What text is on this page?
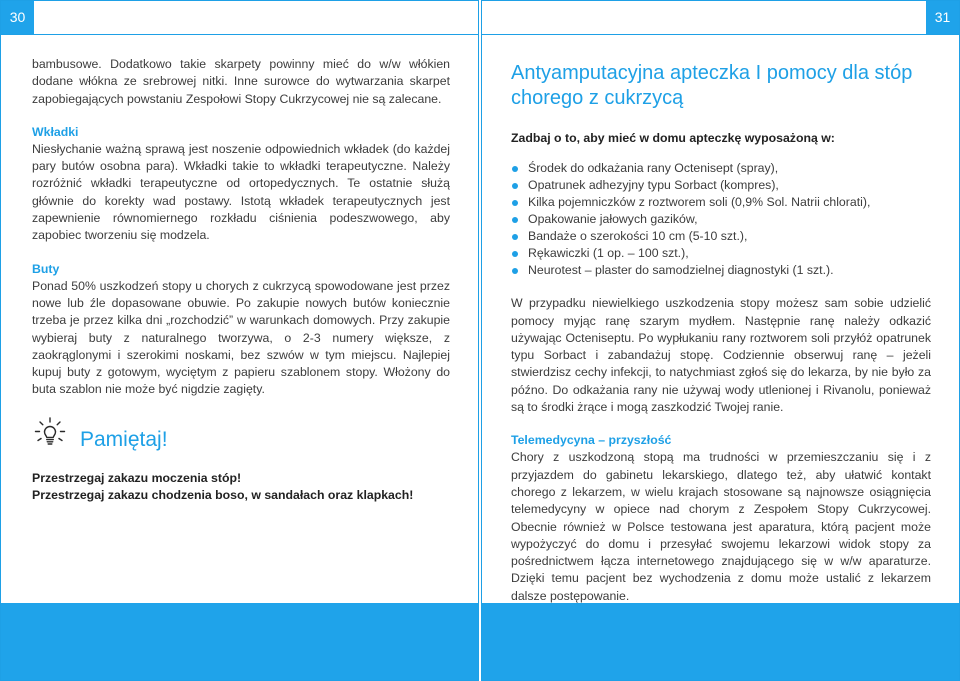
30

bambusowe. Dodatkowo takie skarpety powinny mieć do w/w włókien dodane włókna ze srebrowej nitki. Inne surowce do wytwarzania skarpet zapobiegających powstaniu Zespołowi Stopy Cukrzycowej nie są zalecane.

Wkładki

Niesłychanie ważną sprawą jest noszenie odpowiednich wkładek (do każdej pary butów osobna para). Wkładki takie to wkładki terapeutyczne. Należy rozróżnić wkładki terapeutyczne od ortopedycznych. Te ostatnie służą głównie do korekty wad postawy. Istotą wkładek terapeutycznych jest zapewnienie równomiernego rozkładu ciśnienia podeszwowego, aby zapobiec tworzeniu się modzela.

Buty

Ponad 50% uszkodzeń stopy u chorych z cukrzycą spowodowane jest przez nowe lub źle dopasowane obuwie. Po zakupie nowych butów koniecznie trzeba je przez kilka dni „rozchodzić” w warunkach domowych. Przy zakupie wybieraj buty z naturalnego tworzywa, o 2-3 numery większe, z zaokrąglonymi i szerokimi noskami, bez szwów w tym miejscu. Najlepiej kupuj buty z gotowym, wyciętym z papieru szablonem stopy. Włożony do buta szablon nie może być nigdzie zagięty.

Pamiętaj!
Przestrzegaj zakazu moczenia stóp!
Przestrzegaj zakazu chodzenia boso, w sandałach oraz klapkach!
31
Antyamputacyjna apteczka I pomocy dla stóp chorego z cukrzycą

Zadbaj o to, aby mieć w domu apteczkę wyposażoną w:

Środek do odkażania rany Octenisept (spray),
Opatrunek adhezyjny typu Sorbact (kompres),
Kilka pojemniczków z roztworem soli (0,9% Sol. Natrii chlorati),
Opakowanie jałowych gazików,
Bandaże o szerokości 10 cm (5-10 szt.),
Rękawiczki (1 op. – 100 szt.),
Neurotest – plaster do samodzielnej diagnostyki (1 szt.).

W przypadku niewielkiego uszkodzenia stopy możesz sam sobie udzielić pomocy myjąc ranę szarym mydłem. Następnie ranę należy odkazić używając Octeniseptu. Po wypłukaniu rany roztworem soli przyłóż opatrunek typu Sorbact i zabandażuj stopę. Codziennie obserwuj ranę – jeżeli stwierdzisz cechy infekcji, to natychmiast zgłoś się do lekarza, by nie było za późno. Do odkażania rany nie używaj wody utlenionej i Rivanolu, ponieważ są to środki żrące i mogą zaszkodzić Twojej ranie.

Telemedycyna – przyszłość

Chory z uszkodzoną stopą ma trudności w przemieszczaniu się i z przyjazdem do gabinetu lekarskiego, dlatego też, aby ułatwić kontakt chorego z lekarzem, w wielu krajach stosowane są najnowsze osiągnięcia telemedycyny w opiece nad chorym z Zespołem Stopy Cukrzycowej. Obecnie również w Polsce testowana jest aparatura, którą pacjent może wypożyczyć do domu i przesyłać swojemu lekarzowi widok stopy za pośrednictwem łącza internetowego znajdującego się w w/w aparaturze. Dzięki temu pacjent bez wychodzenia z domu może ustalić z lekarzem dalsze postępowanie.
